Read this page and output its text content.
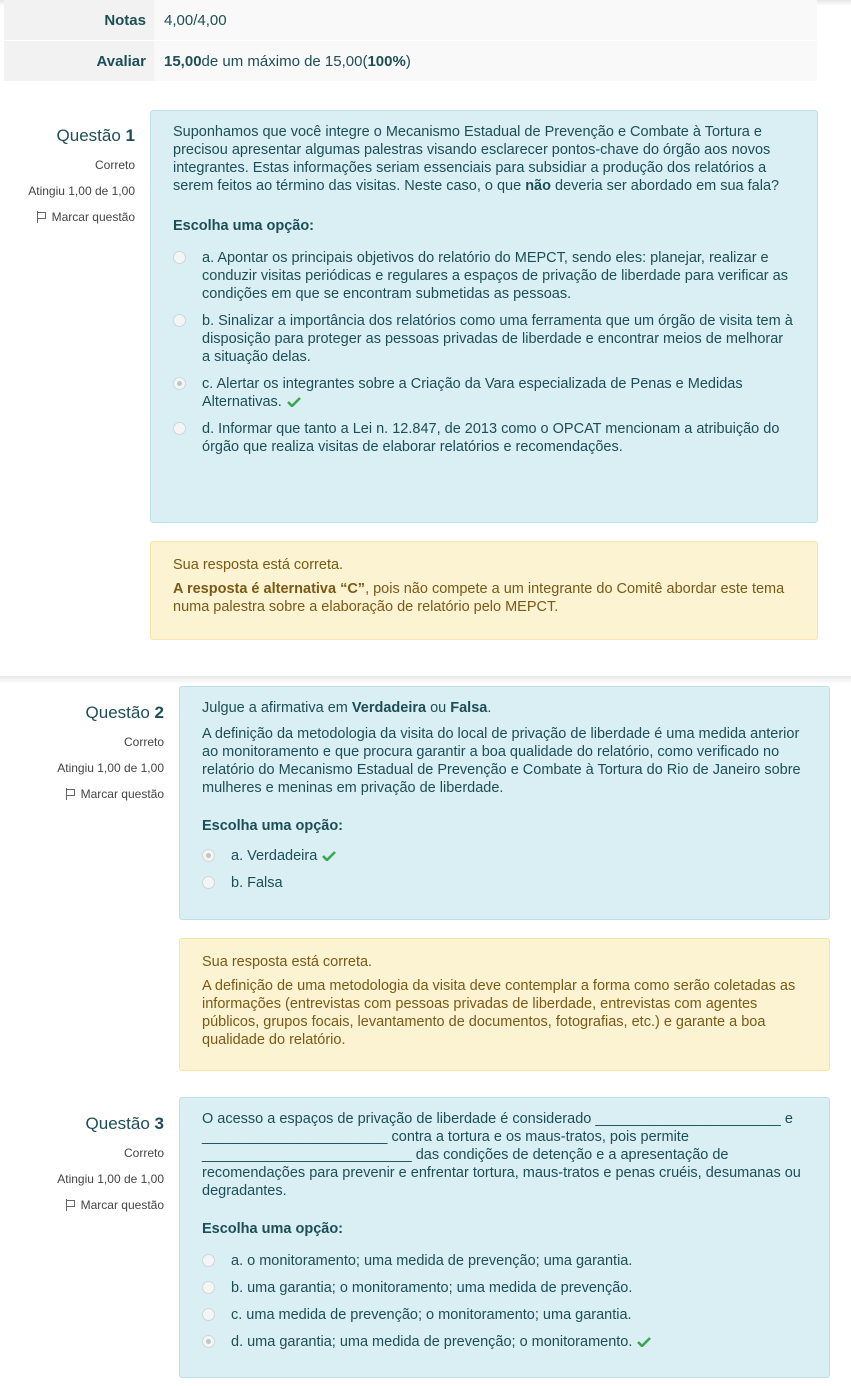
Notas	4,00/4,00
Avaliar	15,00 de um máximo de 15,00( 100% )
Questão 1
Correto
Atingiu 1,00 de 1,00
Marcar questão
Suponhamos que você integre o Mecanismo Estadual de Prevenção e Combate à Tortura e precisou apresentar algumas palestras visando esclarecer pontos-chave do órgão aos novos integrantes. Estas informações seriam essenciais para subsidiar a produção dos relatórios a serem feitos ao término das visitas. Neste caso, o que não deveria ser abordado em sua fala?
Escolha uma opção:
a. Apontar os principais objetivos do relatório do MEPCT, sendo eles: planejar, realizar e conduzir visitas periódicas e regulares a espaços de privação de liberdade para verificar as condições em que se encontram submetidas as pessoas.
b. Sinalizar a importância dos relatórios como uma ferramenta que um órgão de visita tem à disposição para proteger as pessoas privadas de liberdade e encontrar meios de melhorar a situação delas.
c. Alertar os integrantes sobre a Criação da Vara especializada de Penas e Medidas Alternativas.
d. Informar que tanto a Lei n. 12.847, de 2013 como o OPCAT mencionam a atribuição do órgão que realiza visitas de elaborar relatórios e recomendações.
Sua resposta está correta.
A resposta é alternativa “C”, pois não compete a um integrante do Comitê abordar este tema numa palestra sobre a elaboração de relatório pelo MEPCT.
Questão 2
Correto
Atingiu 1,00 de 1,00
Marcar questão
Julgue a afirmativa em Verdadeira ou Falsa.
A definição da metodologia da visita do local de privação de liberdade é uma medida anterior ao monitoramento e que procura garantir a boa qualidade do relatório, como verificado no relatório do Mecanismo Estadual de Prevenção e Combate à Tortura do Rio de Janeiro sobre mulheres e meninas em privação de liberdade.
Escolha uma opção:
a. Verdadeira
b. Falsa
Sua resposta está correta.
A definição de uma metodologia da visita deve contemplar a forma como serão coletadas as informações (entrevistas com pessoas privadas de liberdade, entrevistas com agentes públicos, grupos focais, levantamento de documentos, fotografias, etc.) e garante a boa qualidade do relatório.
Questão 3
Correto
Atingiu 1,00 de 1,00
Marcar questão
O acesso a espaços de privação de liberdade é considerado _______________________ e
_______________________ contra a tortura e os maus-tratos, pois permite
__________________________ das condições de detenção e a apresentação de recomendações para prevenir e enfrentar tortura, maus-tratos e penas cruéis, desumanas ou degradantes.
Escolha uma opção:
a. o monitoramento; uma medida de prevenção; uma garantia.
b. uma garantia; o monitoramento; uma medida de prevenção.
c. uma medida de prevenção; o monitoramento; uma garantia.
d. uma garantia; uma medida de prevenção; o monitoramento.
